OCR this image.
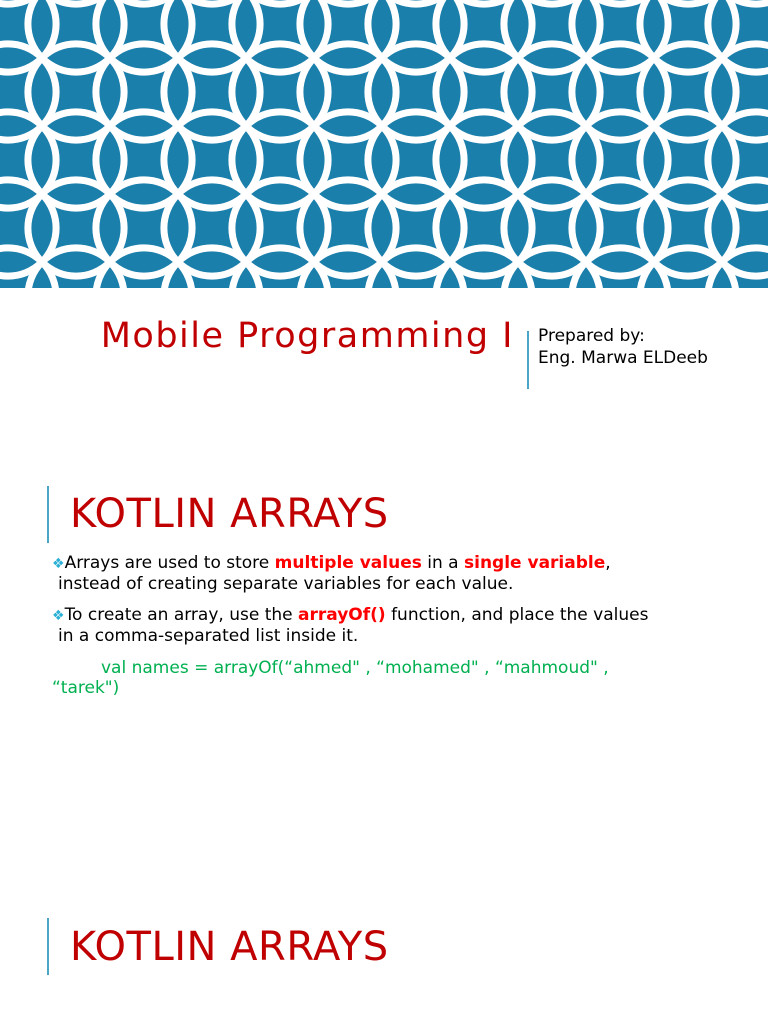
Mobile Programming I Prepared by:
Eng. Marwa ELDeeb
KOTLIN ARRAYS
❖Arrays are used to store multiple values in a single variable,
instead of creating separate variables for each value.
❖To create an array, use the arrayOf() function, and place the values
in a comma-separated list inside it.
val names = arrayOf(“ahmed" , “mohamed" , “mahmoud" ,
“tarek")
KOTLIN ARRAYS
